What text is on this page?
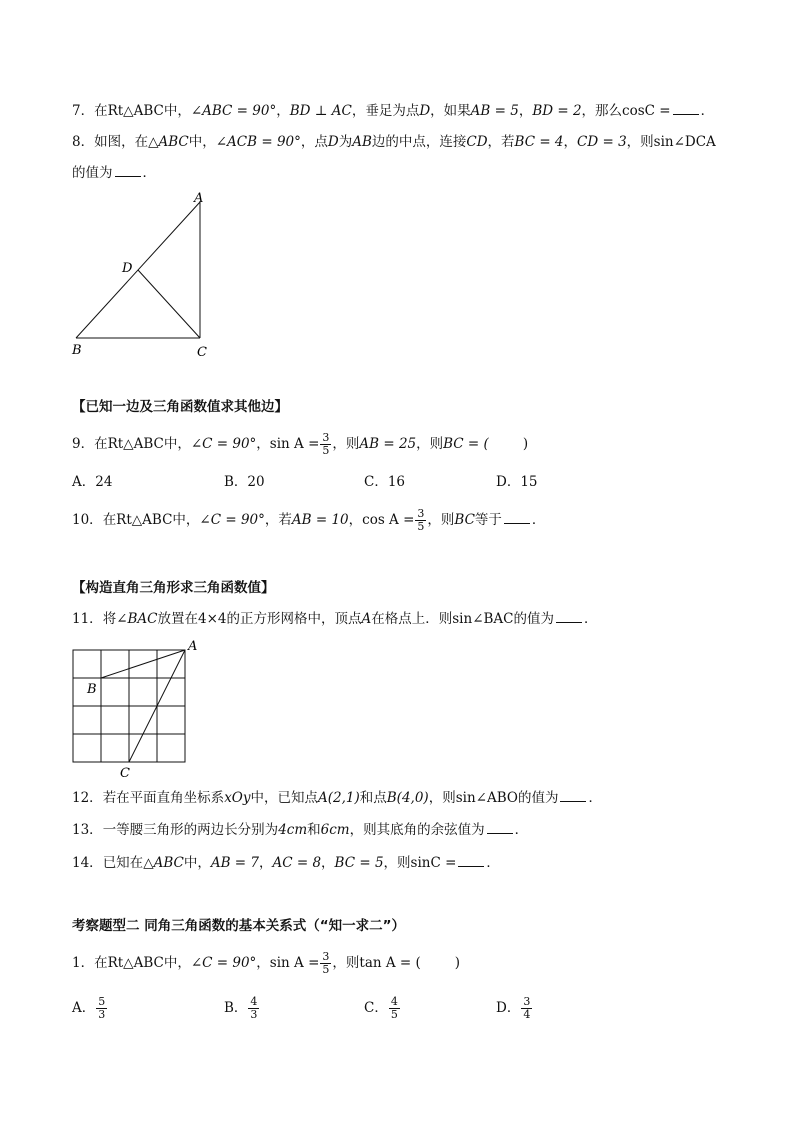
7．在Rt△ABC中，∠ABC = 90°，BD ⊥ AC，垂足为点D，如果AB = 5，BD = 2，那么cosC = ．
8．如图，在△ABC中，∠ACB = 90°，点D为AB边的中点，连接CD，若BC = 4，CD = 3，则sin∠DCA
的值为 ．
A
D
B	C
【已知一边及三角函数值求其他边】
9．在Rt△ABC中，∠C = 90°，$\sin A = \frac{3}{5}$ ，则AB = 25，则BC = (	)
A．24	B．20	C．16	D．15
10．在Rt△ABC中，∠C = 90°，若AB = 10，$\cos A = \frac{3}{5}$ ，则BC等于 ．
【构造直角三角形求三角函数值】
11．将∠BAC放置在4×4的正方形网格中，顶点A在格点上．则sin∠BAC的值为 ．
A
B
C
12．若在平面直角坐标系xOy中，已知点A(2,1)和点B(4,0)，则sin∠ABO的值为 ．
13．一等腰三角形的两边长分别为4cm和6cm，则其底角的余弦值为 ．
14．已知在△ABC中，AB = 7，AC = 8，BC = 5，则sinC = ．
考察题型二 同角三角函数的基本关系式（“知一求二”）
1．在Rt△ABC中，∠C = 90°，$\sin A = \frac{3}{5}$ ，则tan A = (	)
A． $\frac{5}{3}$	B． $\frac{4}{3}$	C． $\frac{4}{5}$	D． $\frac{3}{4}$
